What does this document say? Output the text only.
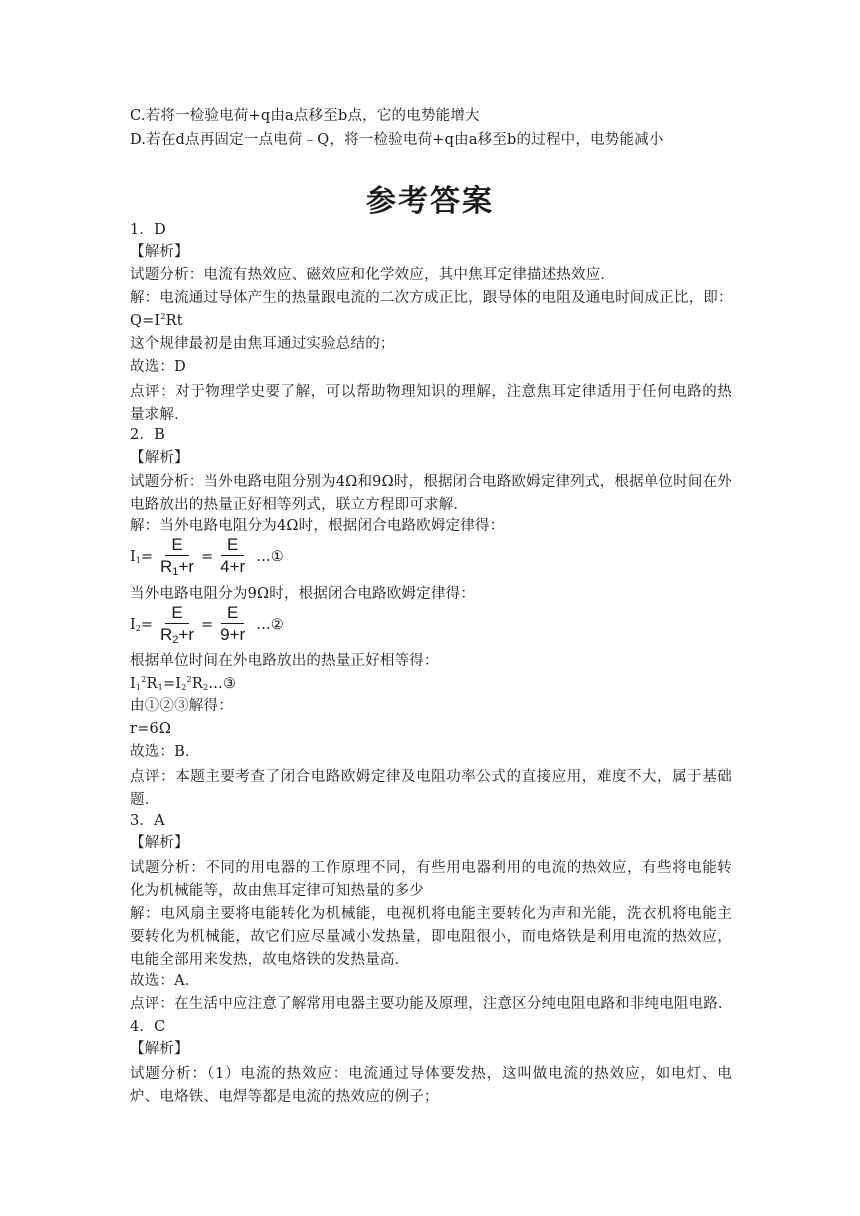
C.若将一检验电荷+q由a点移至b点，它的电势能增大
D.若在d点再固定一点电荷﹣Q，将一检验电荷+q由a移至b的过程中，电势能减小
参考答案
1．D
【解析】
试题分析：电流有热效应、磁效应和化学效应，其中焦耳定律描述热效应．
解：电流通过导体产生的热量跟电流的二次方成正比，跟导体的电阻及通电时间成正比，即：
$Q=I^2Rt$
这个规律最初是由焦耳通过实验总结的；
故选：D
点评：对于物理学史要了解，可以帮助物理知识的理解，注意焦耳定律适用于任何电路的热量求解．
2．B
【解析】
试题分析：当外电路电阻分别为4Ω和9Ω时，根据闭合电路欧姆定律列式，根据单位时间在外电路放出的热量正好相等列式，联立方程即可求解．
解：当外电路电阻分为4Ω时，根据闭合电路欧姆定律得：
$I_1= \frac{E}{R_1+r} = \frac{E}{4+r}$ …①
当外电路电阻分为9Ω时，根据闭合电路欧姆定律得：
$I_2= \frac{E}{R_2+r} = \frac{E}{9+r}$ …②
根据单位时间在外电路放出的热量正好相等得：
$I_1^2R_1=I_2^2R_2\dots ③$
由①②③解得：
r=6Ω
故选：B．
点评：本题主要考查了闭合电路欧姆定律及电阻功率公式的直接应用，难度不大，属于基础题．
3．A
【解析】
试题分析：不同的用电器的工作原理不同，有些用电器利用的电流的热效应，有些将电能转化为机械能等，故由焦耳定律可知热量的多少
解：电风扇主要将电能转化为机械能，电视机将电能主要转化为声和光能，洗衣机将电能主要转化为机械能，故它们应尽量减小发热量，即电阻很小，而电烙铁是利用电流的热效应，电能全部用来发热，故电烙铁的发热量高．
故选：A．
点评：在生活中应注意了解常用电器主要功能及原理，注意区分纯电阻电路和非纯电阻电路．
4．C
【解析】
试题分析：（1）电流的热效应：电流通过导体要发热，这叫做电流的热效应，如电灯、电炉、电烙铁、电焊等都是电流的热效应的例子；
